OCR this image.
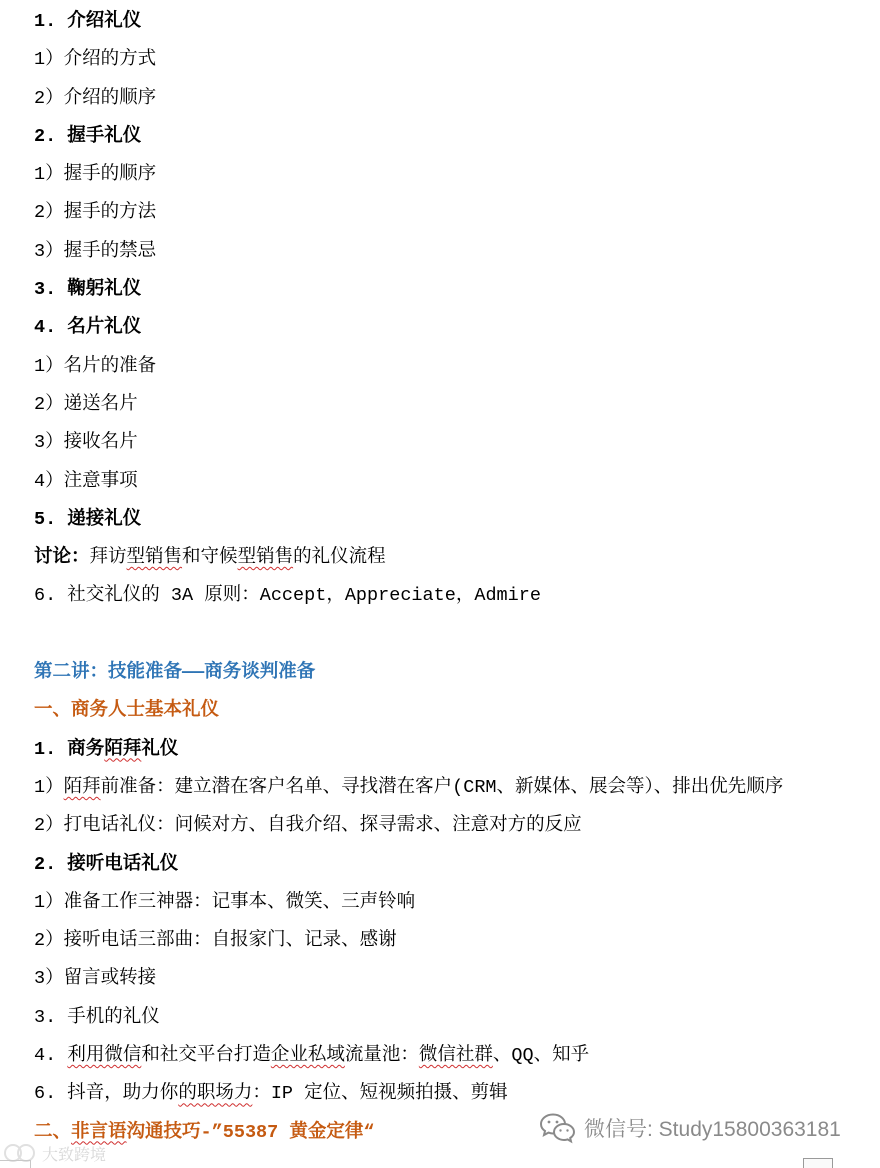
1. 介绍礼仪
1）介绍的方式
2）介绍的顺序
2. 握手礼仪
1）握手的顺序
2）握手的方法
3）握手的禁忌
3. 鞠躬礼仪
4. 名片礼仪
1）名片的准备
2）递送名片
3）接收名片
4）注意事项
5. 递接礼仪
讨论：拜访型销售和守候型销售的礼仪流程
6. 社交礼仪的 3A 原则：Accept，Appreciate，Admire
第二讲：技能准备——商务谈判准备
一、商务人士基本礼仪
1. 商务陌拜礼仪
1）陌拜前准备：建立潜在客户名单、寻找潜在客户(CRM、新媒体、展会等）、排出优先顺序
2）打电话礼仪：问候对方、自我介绍、探寻需求、注意对方的反应
2. 接听电话礼仪
1）准备工作三神器：记事本、微笑、三声铃响
2）接听电话三部曲：自报家门、记录、感谢
3）留言或转接
3. 手机的礼仪
4. 利用微信和社交平台打造企业私域流量池：微信社群、QQ、知乎
6. 抖音，助力你的职场力：IP 定位、短视频拍摄、剪辑
二、非言语沟通技巧-”55387 黄金定律“
大致跨境
微信号: Study15800363181
